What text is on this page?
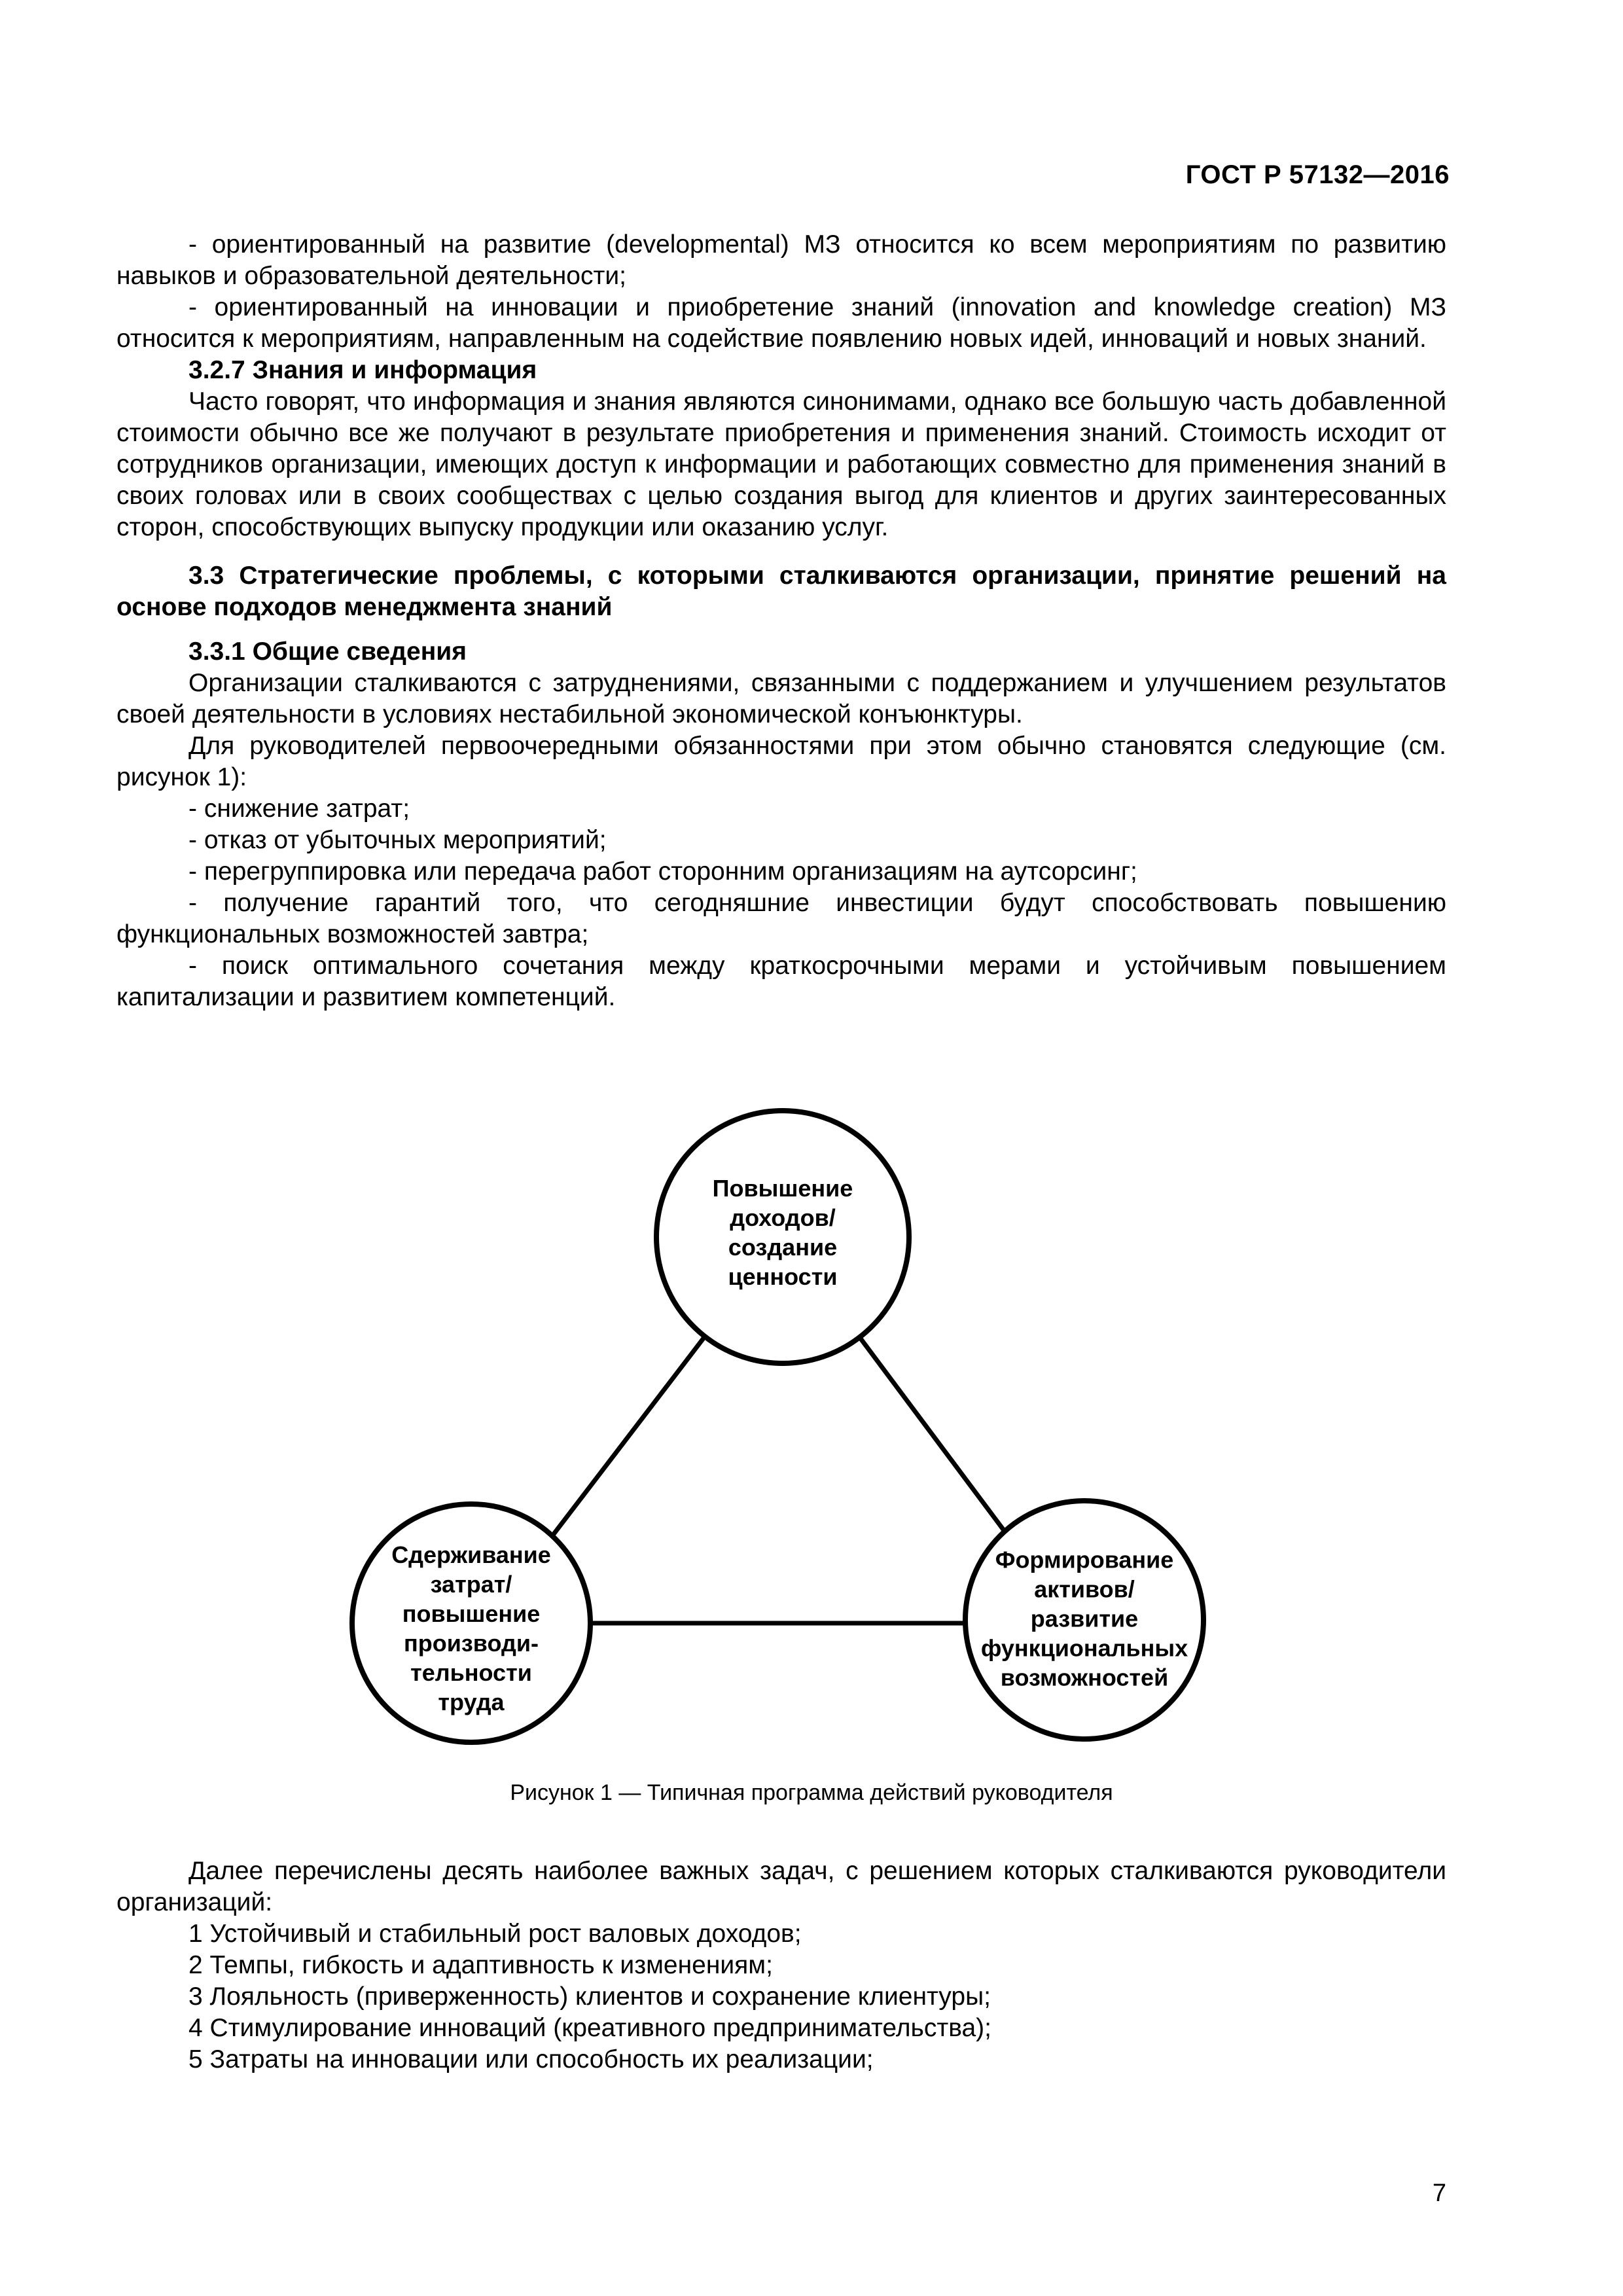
ГОСТ Р 57132—2016

- ориентированный на развитие (developmental) МЗ относится ко всем мероприятиям по развитию навыков и образовательной деятельности;

- ориентированный на инновации и приобретение знаний (innovation and knowledge creation) МЗ относится к мероприятиям, направленным на содействие появлению новых идей, инноваций и новых знаний.

3.2.7 Знания и информация

Часто говорят, что информация и знания являются синонимами, однако все большую часть добавленной стоимости обычно все же получают в результате приобретения и применения знаний. Стоимость исходит от сотрудников организации, имеющих доступ к информации и работающих совместно для применения знаний в своих головах или в своих сообществах с целью создания выгод для клиентов и других заинтересованных сторон, способствующих выпуску продукции или оказанию услуг.

3.3 Стратегические проблемы, с которыми сталкиваются организации, принятие решений на основе подходов менеджмента знаний

3.3.1 Общие сведения

Организации сталкиваются с затруднениями, связанными с поддержанием и улучшением результатов своей деятельности в условиях нестабильной экономической конъюнктуры.

Для руководителей первоочередными обязанностями при этом обычно становятся следующие (см. рисунок 1):

- снижение затрат;

- отказ от убыточных мероприятий;

- перегруппировка или передача работ сторонним организациям на аутсорсинг;

- получение гарантий того, что сегодняшние инвестиции будут способствовать повышению функциональных возможностей завтра;

- поиск оптимального сочетания между краткосрочными мерами и устойчивым повышением капитализации и развитием компетенций.

Повышение
доходов/
создание
ценности
Сдерживание
затрат/
повышение
производи-
тельности
труда
Формирование
активов/
развитие
функциональных
возможностей
Рисунок 1 — Типичная программа действий руководителя

Далее перечислены десять наиболее важных задач, с решением которых сталкиваются руководители организаций:

1 Устойчивый и стабильный рост валовых доходов;

2 Темпы, гибкость и адаптивность к изменениям;

3 Лояльность (приверженность) клиентов и сохранение клиентуры;

4 Стимулирование инноваций (креативного предпринимательства);

5 Затраты на инновации или способность их реализации;

7
